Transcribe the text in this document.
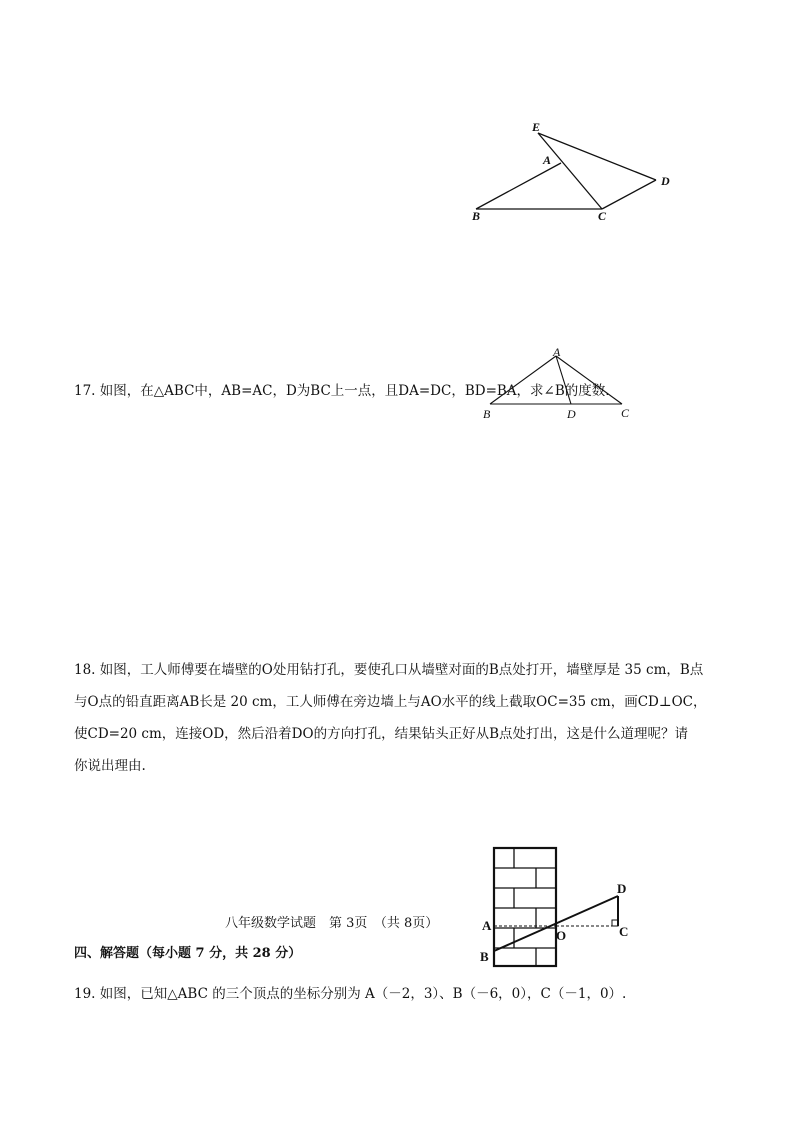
E
A
D
B	C
A
B	D	C
17. 如图，在△ABC中，AB=AC，D为BC上一点，且DA=DC，BD=BA，求∠B的度数.
18. 如图，工人师傅要在墙壁的O处用钻打孔，要使孔口从墙壁对面的B点处打开，墙壁厚是 35 cm，B点
与O点的铅直距离AB长是 20 cm，工人师傅在旁边墙上与AO水平的线上截取OC=35 cm，画CD⊥OC，
使CD=20 cm，连接OD，然后沿着DO的方向打孔，结果钻头正好从B点处打出，这是什么道理呢？请
你说出理由.
A
B
O	C
D
八年级数学试题　第 3页　（共 8页）
四、解答题（每小题 7 分，共 28 分）
19. 如图，已知△ABC 的三个顶点的坐标分别为 A（－2，3）、B（－6，0），C（－1，0）.
